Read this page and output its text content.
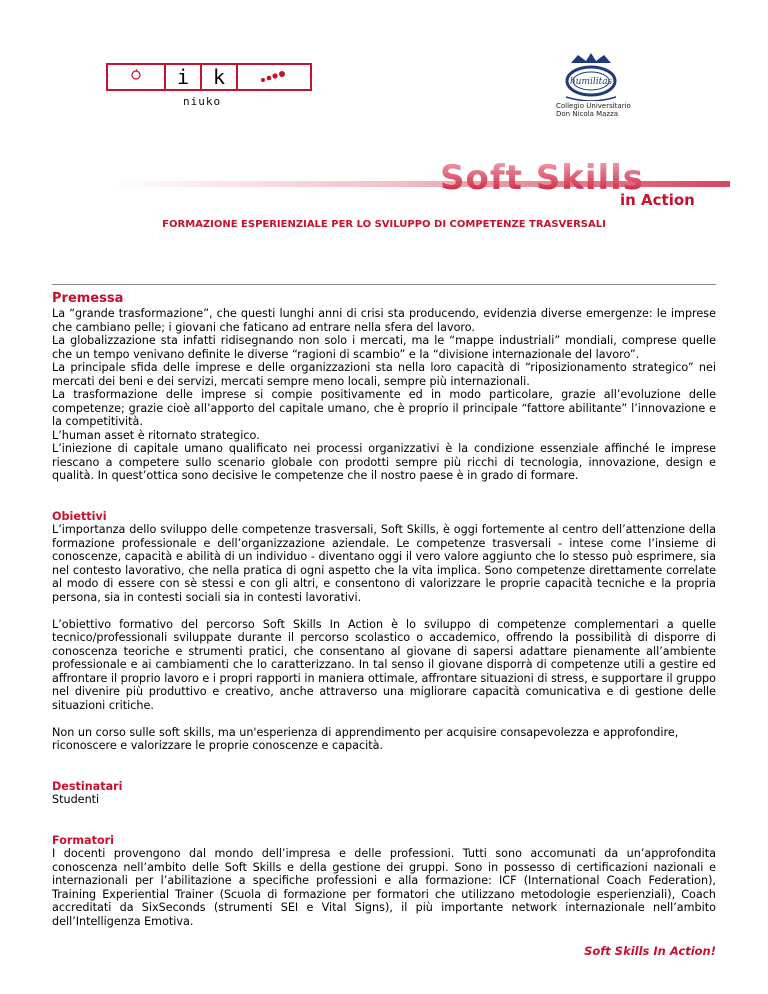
i k
niuko
humilitas
Collegio Universitario
Don Nicola Mazza
Soft Skills
in Action
FORMAZIONE ESPERIENZIALE PER LO SVILUPPO DI COMPETENZE TRASVERSALI

Premessa

La “grande trasformazione”, che questi lunghi anni di crisi sta producendo, evidenzia diverse emergenze: le imprese che cambiano pelle; i giovani che faticano ad entrare nella sfera del lavoro.

La globalizzazione sta infatti ridisegnando non solo i mercati, ma le “mappe industriali” mondiali, comprese quelle che un tempo venivano definite le diverse “ragioni di scambio” e la “divisione internazionale del lavoro”.

La principale sfida delle imprese e delle organizzazioni sta nella loro capacità di “riposizionamento strategico” nei mercati dei beni e dei servizi, mercati sempre meno locali, sempre più internazionali.

La trasformazione delle imprese si compie positivamente ed in modo particolare, grazie all’evoluzione delle competenze; grazie cioè all’apporto del capitale umano, che è proprio il principale “fattore abilitante” l’innovazione e la competitività.

L’human asset è ritornato strategico.

L’iniezione di capitale umano qualificato nei processi organizzativi è la condizione essenziale affinché le imprese riescano a competere sullo scenario globale con prodotti sempre più ricchi di tecnologia, innovazione, design e qualità. In quest’ottica sono decisive le competenze che il nostro paese è in grado di formare.

Obiettivi

L’importanza dello sviluppo delle competenze trasversali, Soft Skills, è oggi fortemente al centro dell’attenzione della formazione professionale e dell’organizzazione aziendale. Le competenze trasversali - intese come l’insieme di conoscenze, capacità e abilità di un individuo - diventano oggi il vero valore aggiunto che lo stesso può esprimere, sia nel contesto lavorativo, che nella pratica di ogni aspetto che la vita implica. Sono competenze direttamente correlate al modo di essere con sè stessi e con gli altri, e consentono di valorizzare le proprie capacità tecniche e la propria persona, sia in contesti sociali sia in contesti lavorativi.

L’obiettivo formativo del percorso Soft Skills In Action è lo sviluppo di competenze complementari a quelle tecnico/professionali sviluppate durante il percorso scolastico o accademico, offrendo la possibilità di disporre di conoscenza teoriche e strumenti pratici, che consentano al giovane di sapersi adattare pienamente all’ambiente professionale e ai cambiamenti che lo caratterizzano. In tal senso il giovane disporrà di competenze utili a gestire ed affrontare il proprio lavoro e i propri rapporti in maniera ottimale, affrontare situazioni di stress, e supportare il gruppo nel divenire più produttivo e creativo, anche attraverso una migliorare capacità comunicativa e di gestione delle situazioni critiche.

Non un corso sulle soft skills, ma un'esperienza di apprendimento per acquisire consapevolezza e approfondire, riconoscere e valorizzare le proprie conoscenze e capacità.

Destinatari

Studenti

Formatori

I docenti provengono dal mondo dell’impresa e delle professioni. Tutti sono accomunati da un’approfondita conoscenza nell’ambito delle Soft Skills e della gestione dei gruppi. Sono in possesso di certificazioni nazionali e internazionali per l’abilitazione a specifiche professioni e alla formazione: ICF (International Coach Federation), Training Experiential Trainer (Scuola di formazione per formatori che utilizzano metodologie esperienziali), Coach accreditati da SixSeconds (strumenti SEI e Vital Signs), il più importante network internazionale nell’ambito dell’Intelligenza Emotiva.

Soft Skills In Action!
